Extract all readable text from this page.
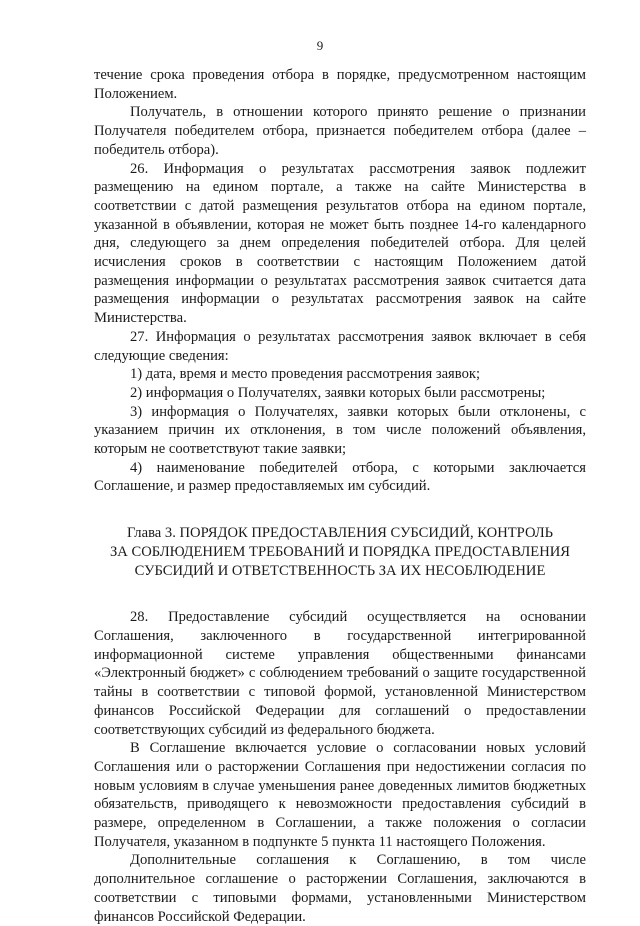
9

течение срока проведения отбора в порядке, предусмотренном настоящим Положением.

Получатель, в отношении которого принято решение о признании Получателя победителем отбора, признается победителем отбора (далее – победитель отбора).

26. Информация о результатах рассмотрения заявок подлежит размещению на едином портале, а также на сайте Министерства в соответствии с датой размещения результатов отбора на едином портале, указанной в объявлении, которая не может быть позднее 14-го календарного дня, следующего за днем определения победителей отбора. Для целей исчисления сроков в соответствии с настоящим Положением датой размещения информации о результатах рассмотрения заявок считается дата размещения информации о результатах рассмотрения заявок на сайте Министерства.

27. Информация о результатах рассмотрения заявок включает в себя следующие сведения:

1) дата, время и место проведения рассмотрения заявок;

2) информация о Получателях, заявки которых были рассмотрены;

3) информация о Получателях, заявки которых были отклонены, с указанием причин их отклонения, в том числе положений объявления, которым не соответствуют такие заявки;

4) наименование победителей отбора, с которыми заключается Соглашение, и размер предоставляемых им субсидий.

Глава 3. ПОРЯДОК ПРЕДОСТАВЛЕНИЯ СУБСИДИЙ, КОНТРОЛЬ
ЗА СОБЛЮДЕНИЕМ ТРЕБОВАНИЙ И ПОРЯДКА ПРЕДОСТАВЛЕНИЯ
СУБСИДИЙ И ОТВЕТСТВЕННОСТЬ ЗА ИХ НЕСОБЛЮДЕНИЕ

28. Предоставление субсидий осуществляется на основании Соглашения, заключенного в государственной интегрированной информационной системе управления общественными финансами «Электронный бюджет» с соблюдением требований о защите государственной тайны в соответствии с типовой формой, установленной Министерством финансов Российской Федерации для соглашений о предоставлении соответствующих субсидий из федерального бюджета.

В Соглашение включается условие о согласовании новых условий Соглашения или о расторжении Соглашения при недостижении согласия по новым условиям в случае уменьшения ранее доведенных лимитов бюджетных обязательств, приводящего к невозможности предоставления субсидий в размере, определенном в Соглашении, а также положения о согласии Получателя, указанном в подпункте 5 пункта 11 настоящего Положения.

Дополнительные соглашения к Соглашению, в том числе дополнительное соглашение о расторжении Соглашения, заключаются в соответствии с типовыми формами, установленными Министерством финансов Российской Федерации.
